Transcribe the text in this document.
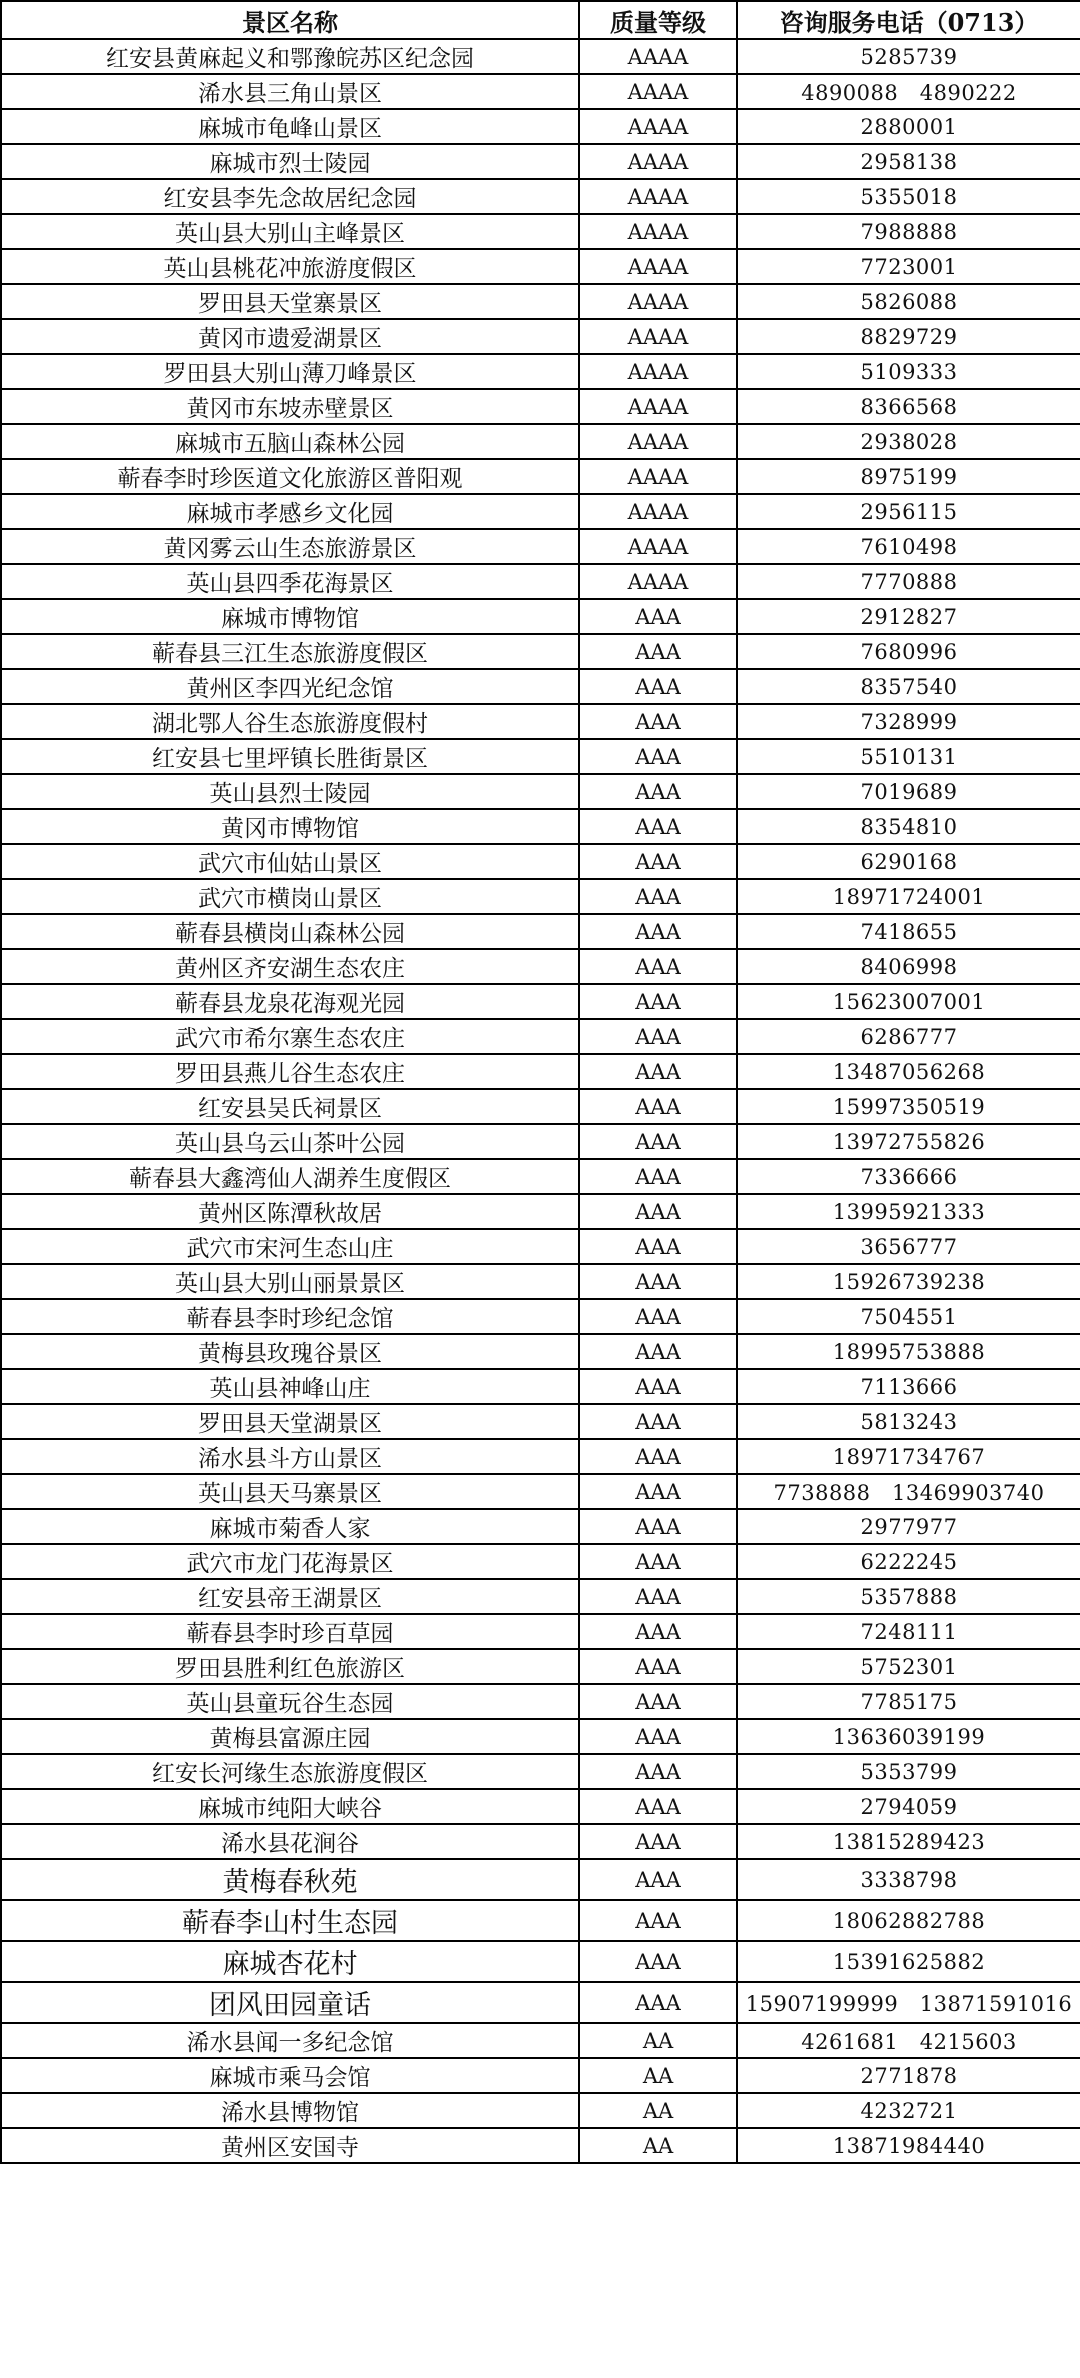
景区名称	质量等级	咨询服务电话（0713）
红安县黄麻起义和鄂豫皖苏区纪念园	AAAA	5285739
浠水县三角山景区	AAAA	4890088　4890222
麻城市龟峰山景区	AAAA	2880001
麻城市烈士陵园	AAAA	2958138
红安县李先念故居纪念园	AAAA	5355018
英山县大别山主峰景区	AAAA	7988888
英山县桃花冲旅游度假区	AAAA	7723001
罗田县天堂寨景区	AAAA	5826088
黄冈市遗爱湖景区	AAAA	8829729
罗田县大别山薄刀峰景区	AAAA	5109333
黄冈市东坡赤壁景区	AAAA	8366568
麻城市五脑山森林公园	AAAA	2938028
蕲春李时珍医道文化旅游区普阳观	AAAA	8975199
麻城市孝感乡文化园	AAAA	2956115
黄冈雾云山生态旅游景区	AAAA	7610498
英山县四季花海景区	AAAA	7770888
麻城市博物馆	AAA	2912827
蕲春县三江生态旅游度假区	AAA	7680996
黄州区李四光纪念馆	AAA	8357540
湖北鄂人谷生态旅游度假村	AAA	7328999
红安县七里坪镇长胜街景区	AAA	5510131
英山县烈士陵园	AAA	7019689
黄冈市博物馆	AAA	8354810
武穴市仙姑山景区	AAA	6290168
武穴市横岗山景区	AAA	18971724001
蕲春县横岗山森林公园	AAA	7418655
黄州区齐安湖生态农庄	AAA	8406998
蕲春县龙泉花海观光园	AAA	15623007001
武穴市希尔寨生态农庄	AAA	6286777
罗田县燕儿谷生态农庄	AAA	13487056268
红安县吴氏祠景区	AAA	15997350519
英山县乌云山茶叶公园	AAA	13972755826
蕲春县大鑫湾仙人湖养生度假区	AAA	7336666
黄州区陈潭秋故居	AAA	13995921333
武穴市宋河生态山庄	AAA	3656777
英山县大别山丽景景区	AAA	15926739238
蕲春县李时珍纪念馆	AAA	7504551
黄梅县玫瑰谷景区	AAA	18995753888
英山县神峰山庄	AAA	7113666
罗田县天堂湖景区	AAA	5813243
浠水县斗方山景区	AAA	18971734767
英山县天马寨景区	AAA	7738888　13469903740
麻城市菊香人家	AAA	2977977
武穴市龙门花海景区	AAA	6222245
红安县帝王湖景区	AAA	5357888
蕲春县李时珍百草园	AAA	7248111
罗田县胜利红色旅游区	AAA	5752301
英山县童玩谷生态园	AAA	7785175
黄梅县富源庄园	AAA	13636039199
红安长河缘生态旅游度假区	AAA	5353799
麻城市纯阳大峡谷	AAA	2794059
浠水县花涧谷	AAA	13815289423
黄梅春秋苑	AAA	3338798
蕲春李山村生态园	AAA	18062882788
麻城杏花村	AAA	15391625882
团风田园童话	AAA	15907199999　13871591016
浠水县闻一多纪念馆	AA	4261681　4215603
麻城市乘马会馆	AA	2771878
浠水县博物馆	AA	4232721
黄州区安国寺	AA	13871984440
